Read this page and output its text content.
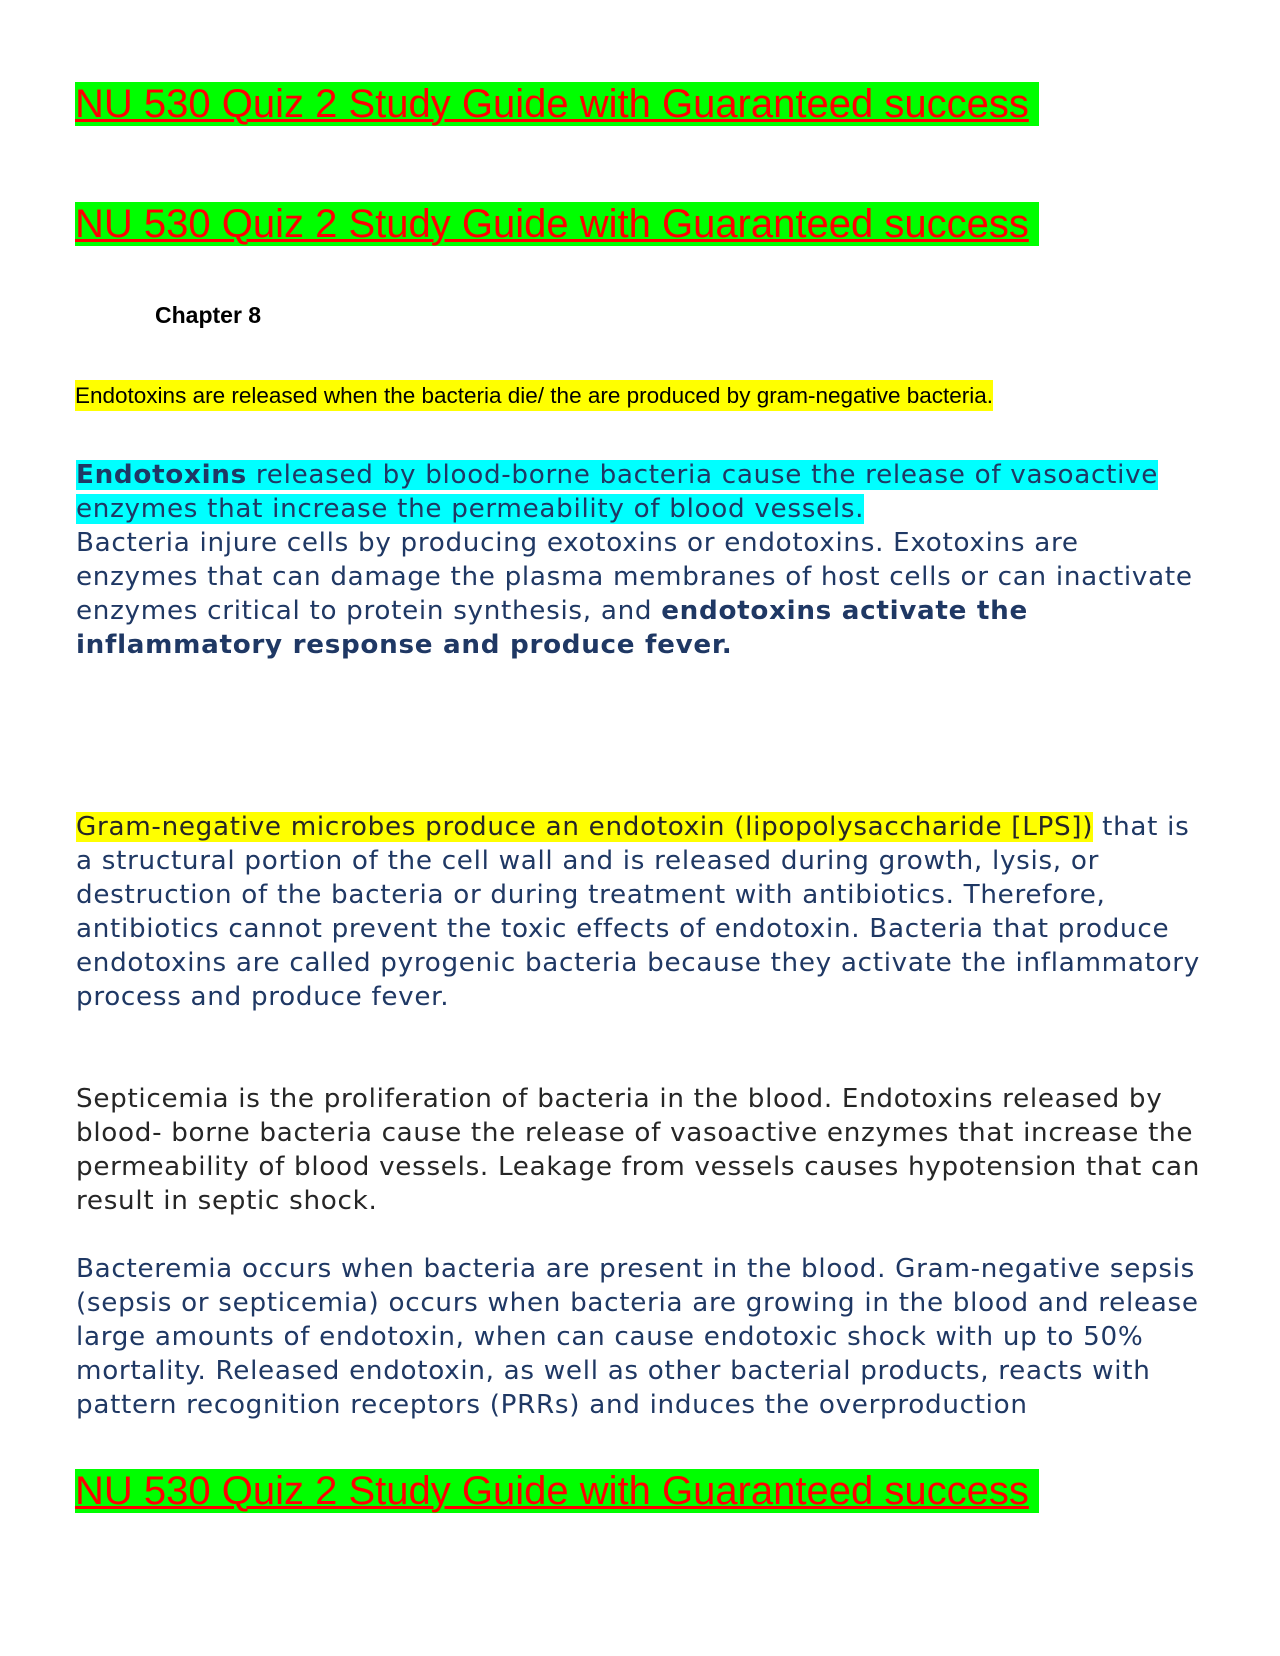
NU 530 Quiz 2 Study Guide with Guaranteed success
NU 530 Quiz 2 Study Guide with Guaranteed success
Chapter 8
Endotoxins are released when the bacteria die/ the are produced by gram-negative bacteria.

Endotoxins released by blood-borne bacteria cause the release of vasoactive enzymes that increase the permeability of blood vessels.
Bacteria injure cells by producing exotoxins or endotoxins. Exotoxins are enzymes that can damage the plasma membranes of host cells or can inactivate enzymes critical to protein synthesis, and endotoxins activate the inflammatory response and produce fever.

Gram-negative microbes produce an endotoxin (lipopolysaccharide [LPS]) that is a structural portion of the cell wall and is released during growth, lysis, or destruction of the bacteria or during treatment with antibiotics. Therefore, antibiotics cannot prevent the toxic effects of endotoxin. Bacteria that produce endotoxins are called pyrogenic bacteria because they activate the inflammatory process and produce fever.

Septicemia is the proliferation of bacteria in the blood. Endotoxins released by blood- borne bacteria cause the release of vasoactive enzymes that increase the permeability of blood vessels. Leakage from vessels causes hypotension that can result in septic shock.

Bacteremia occurs when bacteria are present in the blood. Gram-negative sepsis (sepsis or septicemia) occurs when bacteria are growing in the blood and release large amounts of endotoxin, when can cause endotoxic shock with up to 50% mortality. Released endotoxin, as well as other bacterial products, reacts with pattern recognition receptors (PRRs) and induces the overproduction

NU 530 Quiz 2 Study Guide with Guaranteed success
